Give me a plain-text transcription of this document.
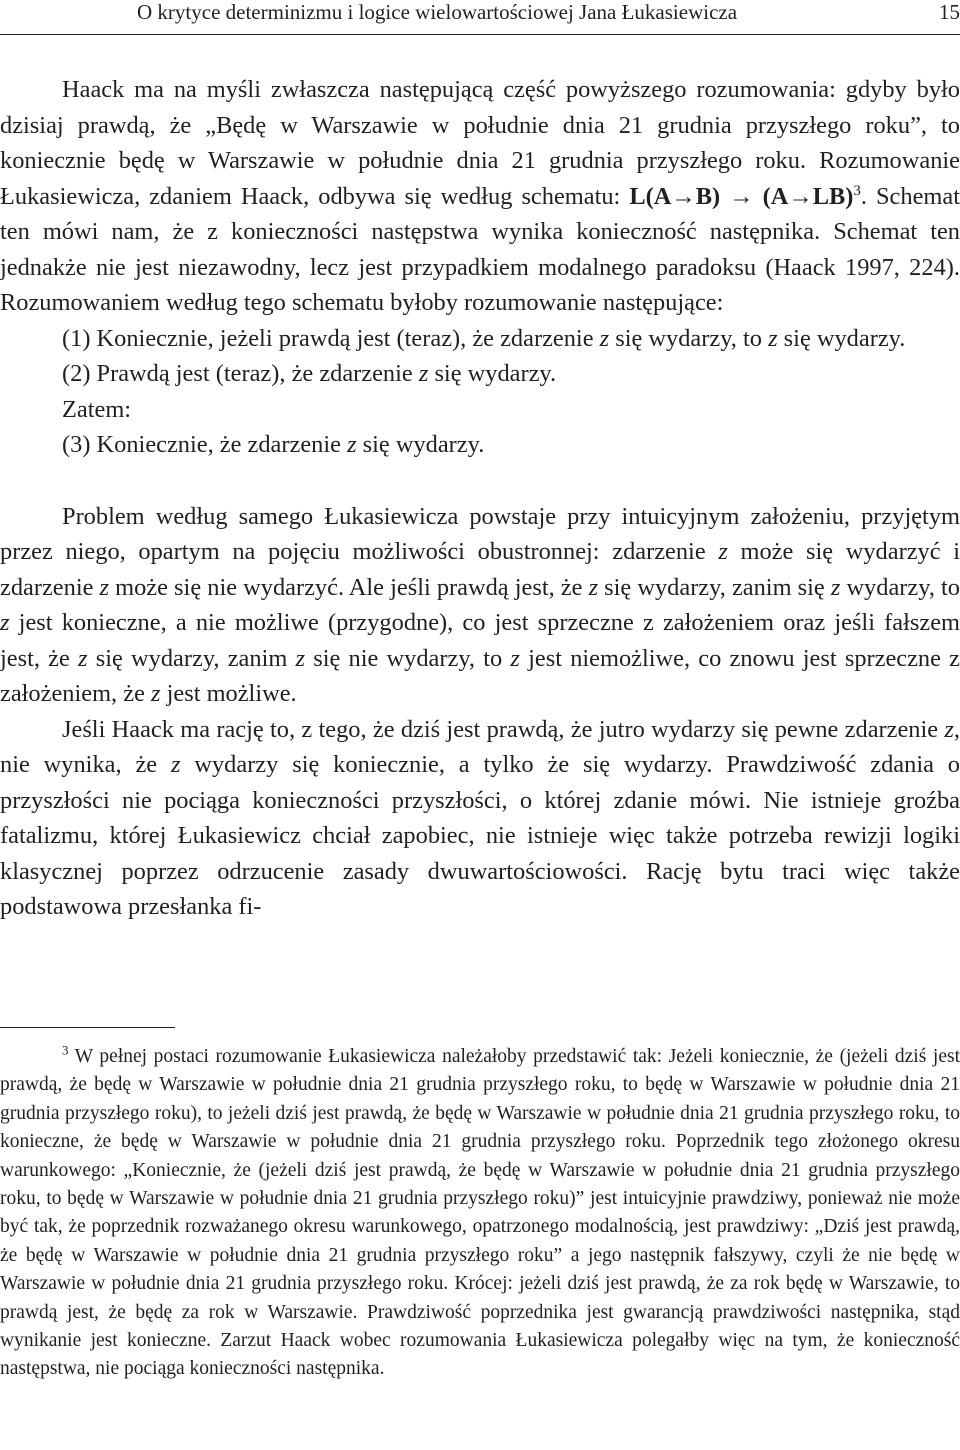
O krytyce determinizmu i logice wielowartościowej Jana Łukasiewicza	15

Haack ma na myśli zwłaszcza następującą część powyższego rozumowania: gdyby było dzisiaj prawdą, że „Będę w Warszawie w południe dnia 21 grudnia przyszłego roku”, to koniecznie będę w Warszawie w południe dnia 21 grudnia przyszłego roku. Rozumowanie Łukasiewicza, zdaniem Haack, odbywa się według schematu: $L(A\to B) \to (A\to LB)^3$. Schemat ten mówi nam, że z konieczności następstwa wynika konieczność następnika. Schemat ten jednakże nie jest niezawodny, lecz jest przypadkiem modalnego paradoksu (Haack 1997, 224). Rozumowaniem według tego schematu byłoby rozumowanie następujące:

(1) Koniecznie, jeżeli prawdą jest (teraz), że zdarzenie z się wydarzy, to z się wydarzy.
(2) Prawdą jest (teraz), że zdarzenie z się wydarzy.
Zatem:
(3) Koniecznie, że zdarzenie z się wydarzy.

Problem według samego Łukasiewicza powstaje przy intuicyjnym założeniu, przyjętym przez niego, opartym na pojęciu możliwości obustronnej: zdarzenie z może się wydarzyć i zdarzenie z może się nie wydarzyć. Ale jeśli prawdą jest, że z się wydarzy, zanim się z wydarzy, to z jest konieczne, a nie możliwe (przygodne), co jest sprzeczne z założeniem oraz jeśli fałszem jest, że z się wydarzy, zanim z się nie wydarzy, to z jest niemożliwe, co znowu jest sprzeczne z założeniem, że z jest możliwe.

Jeśli Haack ma rację to, z tego, że dziś jest prawdą, że jutro wydarzy się pewne zdarzenie z, nie wynika, że z wydarzy się koniecznie, a tylko że się wydarzy. Prawdziwość zdania o przyszłości nie pociąga konieczności przyszłości, o której zdanie mówi. Nie istnieje groźba fatalizmu, której Łukasiewicz chciał zapobiec, nie istnieje więc także potrzeba rewizji logiki klasycznej poprzez odrzucenie zasady dwuwartościowości. Rację bytu traci więc także podstawowa przesłanka fi-

$^3$ W pełnej postaci rozumowanie Łukasiewicza należałoby przedstawić tak: Jeżeli koniecznie, że (jeżeli dziś jest prawdą, że będę w Warszawie w południe dnia 21 grudnia przyszłego roku, to będę w Warszawie w południe dnia 21 grudnia przyszłego roku), to jeżeli dziś jest prawdą, że będę w Warszawie w południe dnia 21 grudnia przyszłego roku, to konieczne, że będę w Warszawie w południe dnia 21 grudnia przyszłego roku. Poprzednik tego złożonego okresu warunkowego: „Koniecznie, że (jeżeli dziś jest prawdą, że będę w Warszawie w południe dnia 21 grudnia przyszłego roku, to będę w Warszawie w południe dnia 21 grudnia przyszłego roku)” jest intuicyjnie prawdziwy, ponieważ nie może być tak, że poprzednik rozważanego okresu warunkowego, opatrzonego modalnością, jest prawdziwy: „Dziś jest prawdą, że będę w Warszawie w południe dnia 21 grudnia przyszłego roku” a jego następnik fałszywy, czyli że nie będę w Warszawie w południe dnia 21 grudnia przyszłego roku. Krócej: jeżeli dziś jest prawdą, że za rok będę w Warszawie, to prawdą jest, że będę za rok w Warszawie. Prawdziwość poprzednika jest gwarancją prawdziwości następnika, stąd wynikanie jest konieczne. Zarzut Haack wobec rozumowania Łukasiewicza polegałby więc na tym, że konieczność następstwa, nie pociąga konieczności następnika.
